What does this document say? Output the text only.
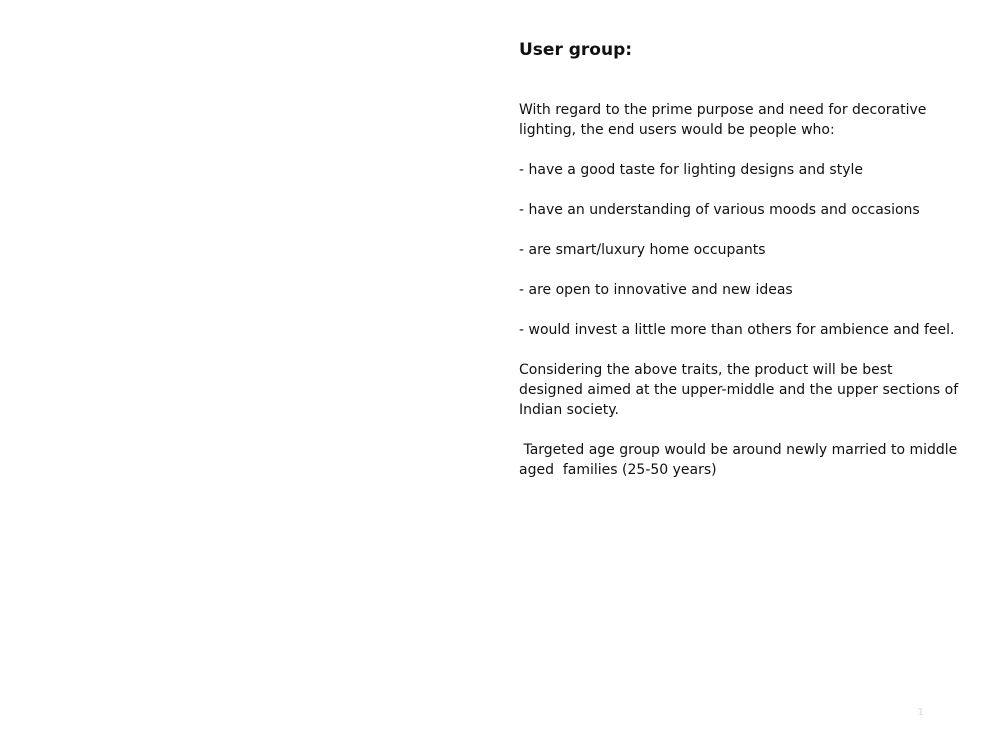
User group:

With regard to the prime purpose and need for decorative lighting, the end users would be people who:

- have a good taste for lighting designs and style

- have an understanding of various moods and occasions

- are smart/luxury home occupants

- are open to innovative and new ideas

- would invest a little more than others for ambience and feel.

Considering the above traits, the product will be best designed aimed at the upper-middle and the upper sections of Indian society.

Targeted age group would be around newly married to middle aged  families (25-50 years)

1
